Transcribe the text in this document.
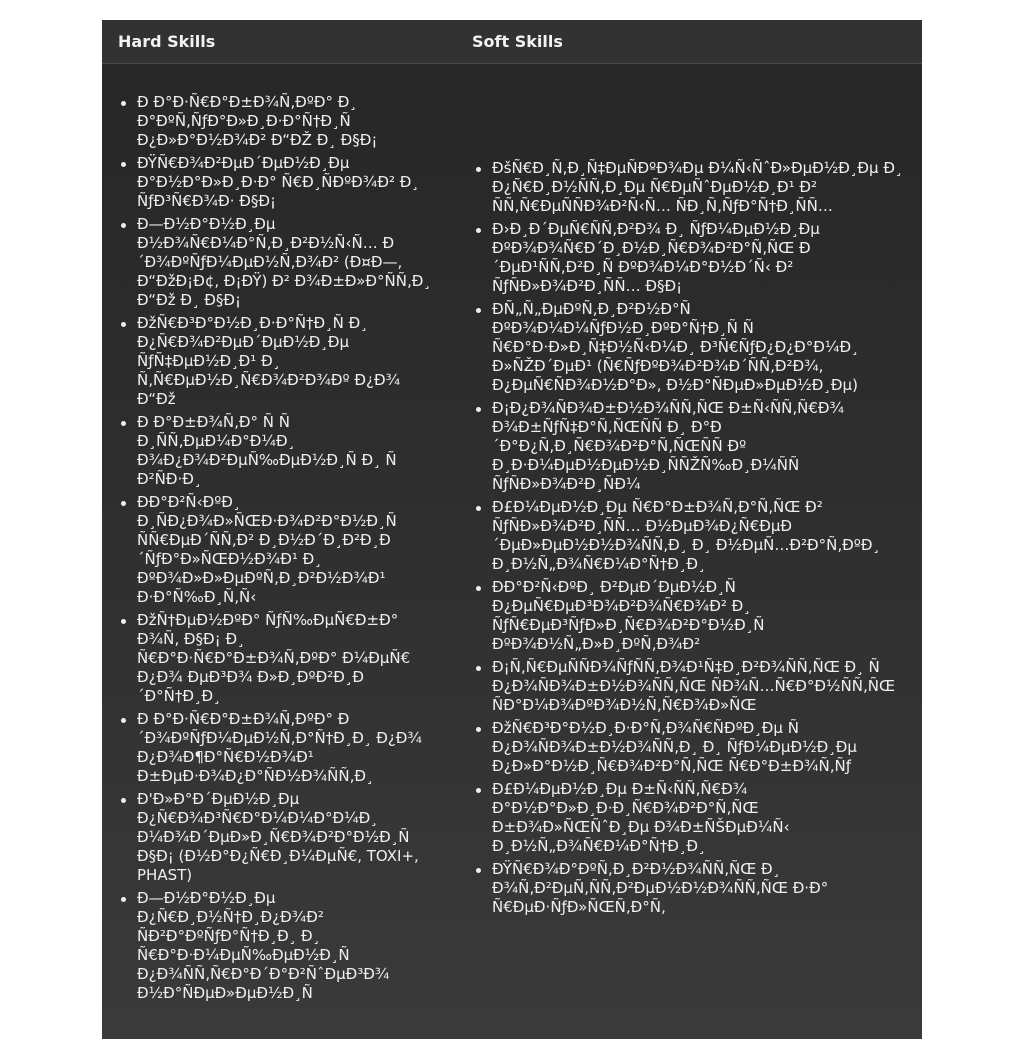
Hard Skills	Soft Skills
Ð Ð°Ð·Ñ€Ð°Ð±Ð¾Ñ‚ÐºÐ° Ð¸ Ð°ÐºÑ‚ÑƒÐ°Ð»Ð¸Ð·Ð°Ñ†Ð¸Ñ Ð¿Ð»Ð°Ð½Ð¾Ð² Ð“ÐŽ Ð¸ Ð§Ð¡
ÐŸÑ€Ð¾Ð²ÐµÐ´ÐµÐ½Ð¸Ðµ Ð°Ð½Ð°Ð»Ð¸Ð·Ð° Ñ€Ð¸ÑÐºÐ¾Ð² Ð¸ ÑƒÐ³Ñ€Ð¾Ð· Ð§Ð¡
Ð—Ð½Ð°Ð½Ð¸Ðµ Ð½Ð¾Ñ€Ð¼Ð°Ñ‚Ð¸Ð²Ð½Ñ‹Ñ… Ð´Ð¾ÐºÑƒÐ¼ÐµÐ½Ñ‚Ð¾Ð² (Ð¤Ð—, Ð“ÐžÐ¡Ð¢, Ð¡ÐŸ) Ð² Ð¾Ð±Ð»Ð°ÑÑ‚Ð¸ Ð“Ðž Ð¸ Ð§Ð¡
ÐžÑ€Ð³Ð°Ð½Ð¸Ð·Ð°Ñ†Ð¸Ñ Ð¸ Ð¿Ñ€Ð¾Ð²ÐµÐ´ÐµÐ½Ð¸Ðµ ÑƒÑ‡ÐµÐ½Ð¸Ð¹ Ð¸ Ñ‚Ñ€ÐµÐ½Ð¸Ñ€Ð¾Ð²Ð¾Ðº Ð¿Ð¾ Ð“Ðž
Ð Ð°Ð±Ð¾Ñ‚Ð° Ñ Ñ Ð¸ÑÑ‚ÐµÐ¼Ð°Ð¼Ð¸ Ð¾Ð¿Ð¾Ð²ÐµÑ‰ÐµÐ½Ð¸Ñ Ð¸ Ñ Ð²ÑÐ·Ð¸
ÐÐ°Ð²Ñ‹ÐºÐ¸ Ð¸ÑÐ¿Ð¾Ð»ÑŒÐ·Ð¾Ð²Ð°Ð½Ð¸Ñ ÑÑ€ÐµÐ´ÑÑ‚Ð² Ð¸Ð½Ð´Ð¸Ð²Ð¸Ð´ÑƒÐ°Ð»ÑŒÐ½Ð¾Ð¹ Ð¸ ÐºÐ¾Ð»Ð»ÐµÐºÑ‚Ð¸Ð²Ð½Ð¾Ð¹ Ð·Ð°Ñ‰Ð¸Ñ‚Ñ‹
ÐžÑ†ÐµÐ½ÐºÐ° ÑƒÑ‰ÐµÑ€Ð±Ð° Ð¾Ñ‚ Ð§Ð¡ Ð¸ Ñ€Ð°Ð·Ñ€Ð°Ð±Ð¾Ñ‚ÐºÐ° Ð¼ÐµÑ€ Ð¿Ð¾ ÐµÐ³Ð¾ Ð»Ð¸ÐºÐ²Ð¸Ð´Ð°Ñ†Ð¸Ð¸
Ð Ð°Ð·Ñ€Ð°Ð±Ð¾Ñ‚ÐºÐ° Ð´Ð¾ÐºÑƒÐ¼ÐµÐ½Ñ‚Ð°Ñ†Ð¸Ð¸ Ð¿Ð¾ Ð¿Ð¾Ð¶Ð°Ñ€Ð½Ð¾Ð¹ Ð±ÐµÐ·Ð¾Ð¿Ð°ÑÐ½Ð¾ÑÑ‚Ð¸
Ð'Ð»Ð°Ð´ÐµÐ½Ð¸Ðµ Ð¿Ñ€Ð¾Ð³Ñ€Ð°Ð¼Ð¼Ð°Ð¼Ð¸ Ð¼Ð¾Ð´ÐµÐ»Ð¸Ñ€Ð¾Ð²Ð°Ð½Ð¸Ñ Ð§Ð¡ (Ð½Ð°Ð¿Ñ€Ð¸Ð¼ÐµÑ€, TOXI+, PHAST)
Ð—Ð½Ð°Ð½Ð¸Ðµ Ð¿Ñ€Ð¸Ð½Ñ†Ð¸Ð¿Ð¾Ð² ÑÐ²Ð°ÐºÑƒÐ°Ñ†Ð¸Ð¸ Ð¸ Ñ€Ð°Ð·Ð¼ÐµÑ‰ÐµÐ½Ð¸Ñ Ð¿Ð¾ÑÑ‚Ñ€Ð°Ð´Ð°Ð²ÑˆÐµÐ³Ð¾ Ð½Ð°ÑÐµÐ»ÐµÐ½Ð¸Ñ
ÐšÑ€Ð¸Ñ‚Ð¸Ñ‡ÐµÑÐºÐ¾Ðµ Ð¼Ñ‹ÑˆÐ»ÐµÐ½Ð¸Ðµ Ð¸ Ð¿Ñ€Ð¸Ð½ÑÑ‚Ð¸Ðµ Ñ€ÐµÑˆÐµÐ½Ð¸Ð¹ Ð² ÑÑ‚Ñ€ÐµÑÑÐ¾Ð²Ñ‹Ñ… ÑÐ¸Ñ‚ÑƒÐ°Ñ†Ð¸ÑÑ…
Ð›Ð¸Ð´ÐµÑ€ÑÑ‚Ð²Ð¾ Ð¸ ÑƒÐ¼ÐµÐ½Ð¸Ðµ ÐºÐ¾Ð¾Ñ€Ð´Ð¸Ð½Ð¸Ñ€Ð¾Ð²Ð°Ñ‚ÑŒ Ð´ÐµÐ¹ÑÑ‚Ð²Ð¸Ñ ÐºÐ¾Ð¼Ð°Ð½Ð´Ñ‹ Ð² ÑƒÑÐ»Ð¾Ð²Ð¸ÑÑ… Ð§Ð¡
ÐÑ„Ñ„ÐµÐºÑ‚Ð¸Ð²Ð½Ð°Ñ ÐºÐ¾Ð¼Ð¼ÑƒÐ½Ð¸ÐºÐ°Ñ†Ð¸Ñ Ñ Ñ€Ð°Ð·Ð»Ð¸Ñ‡Ð½Ñ‹Ð¼Ð¸ Ð³Ñ€ÑƒÐ¿Ð¿Ð°Ð¼Ð¸ Ð»ÑŽÐ´ÐµÐ¹ (Ñ€ÑƒÐºÐ¾Ð²Ð¾Ð´ÑÑ‚Ð²Ð¾, Ð¿ÐµÑ€ÑÐ¾Ð½Ð°Ð», Ð½Ð°ÑÐµÐ»ÐµÐ½Ð¸Ðµ)
Ð¡Ð¿Ð¾ÑÐ¾Ð±Ð½Ð¾ÑÑ‚ÑŒ Ð±Ñ‹ÑÑ‚Ñ€Ð¾ Ð¾Ð±ÑƒÑ‡Ð°Ñ‚ÑŒÑÑ Ð¸ Ð°Ð´Ð°Ð¿Ñ‚Ð¸Ñ€Ð¾Ð²Ð°Ñ‚ÑŒÑÑ Ðº Ð¸Ð·Ð¼ÐµÐ½ÐµÐ½Ð¸ÑÑŽÑ‰Ð¸Ð¼ÑÑ ÑƒÑÐ»Ð¾Ð²Ð¸ÑÐ¼
Ð£Ð¼ÐµÐ½Ð¸Ðµ Ñ€Ð°Ð±Ð¾Ñ‚Ð°Ñ‚ÑŒ Ð² ÑƒÑÐ»Ð¾Ð²Ð¸ÑÑ… Ð½ÐµÐ¾Ð¿Ñ€ÐµÐ´ÐµÐ»ÐµÐ½Ð½Ð¾ÑÑ‚Ð¸ Ð¸ Ð½ÐµÑ…Ð²Ð°Ñ‚ÐºÐ¸ Ð¸Ð½Ñ„Ð¾Ñ€Ð¼Ð°Ñ†Ð¸Ð¸
ÐÐ°Ð²Ñ‹ÐºÐ¸ Ð²ÐµÐ´ÐµÐ½Ð¸Ñ Ð¿ÐµÑ€ÐµÐ³Ð¾Ð²Ð¾Ñ€Ð¾Ð² Ð¸ ÑƒÑ€ÐµÐ³ÑƒÐ»Ð¸Ñ€Ð¾Ð²Ð°Ð½Ð¸Ñ ÐºÐ¾Ð½Ñ„Ð»Ð¸ÐºÑ‚Ð¾Ð²
Ð¡Ñ‚Ñ€ÐµÑÑÐ¾ÑƒÑÑ‚Ð¾Ð¹Ñ‡Ð¸Ð²Ð¾ÑÑ‚ÑŒ Ð¸ Ñ Ð¿Ð¾ÑÐ¾Ð±Ð½Ð¾ÑÑ‚ÑŒ ÑÐ¾Ñ…Ñ€Ð°Ð½ÑÑ‚ÑŒ ÑÐ°Ð¼Ð¾ÐºÐ¾Ð½Ñ‚Ñ€Ð¾Ð»ÑŒ
ÐžÑ€Ð³Ð°Ð½Ð¸Ð·Ð°Ñ‚Ð¾Ñ€ÑÐºÐ¸Ðµ Ñ Ð¿Ð¾ÑÐ¾Ð±Ð½Ð¾ÑÑ‚Ð¸ Ð¸ ÑƒÐ¼ÐµÐ½Ð¸Ðµ Ð¿Ð»Ð°Ð½Ð¸Ñ€Ð¾Ð²Ð°Ñ‚ÑŒ Ñ€Ð°Ð±Ð¾Ñ‚Ñƒ
Ð£Ð¼ÐµÐ½Ð¸Ðµ Ð±Ñ‹ÑÑ‚Ñ€Ð¾ Ð°Ð½Ð°Ð»Ð¸Ð·Ð¸Ñ€Ð¾Ð²Ð°Ñ‚ÑŒ Ð±Ð¾Ð»ÑŒÑˆÐ¸Ðµ Ð¾Ð±ÑŠÐµÐ¼Ñ‹ Ð¸Ð½Ñ„Ð¾Ñ€Ð¼Ð°Ñ†Ð¸Ð¸
ÐŸÑ€Ð¾Ð°ÐºÑ‚Ð¸Ð²Ð½Ð¾ÑÑ‚ÑŒ Ð¸ Ð¾Ñ‚Ð²ÐµÑ‚ÑÑ‚Ð²ÐµÐ½Ð½Ð¾ÑÑ‚ÑŒ Ð·Ð° Ñ€ÐµÐ·ÑƒÐ»ÑŒÑ‚Ð°Ñ‚
